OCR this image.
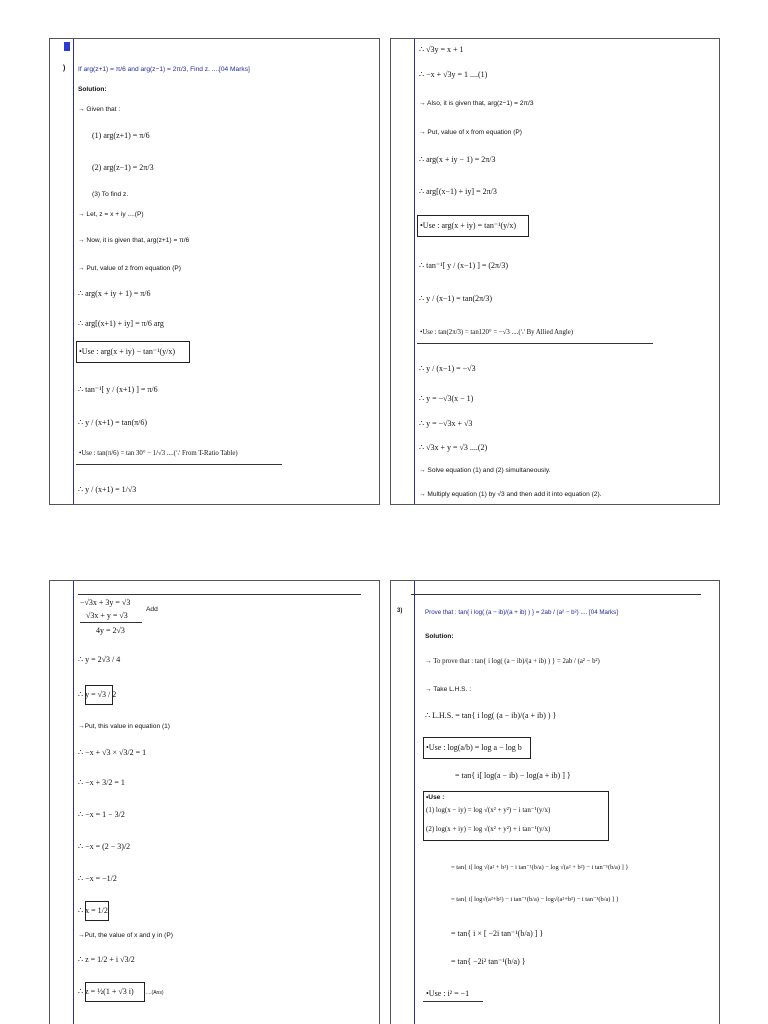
) If arg(z+1) = π/6 and arg(z−1) = 2π/3, Find z. ....[04 Marks]
Solution:
→ Given that :
(1) arg(z+1) = π/6
(2) arg(z−1) = 2π/3
(3) To find z.
→ Let, z = x + iy ....(P)
→ Now, it is given that, arg(z+1) = π/6
→ Put, value of z from equation (P)
∴ arg(x + iy + 1) = π/6
∴ arg[(x+1) + iy] = π/6 arg
•Use : arg(x + iy) − tan⁻¹(y/x)
∴ tan⁻¹[ y / (x+1) ] = π/6
∴ y / (x+1) = tan(π/6)
•Use : tan(π/6) = tan 30° − 1/√3 ....(∵ From T-Ratio Table)
∴ y / (x+1) = 1/√3
∴ √3y = x + 1
∴ −x + √3y = 1 ....(1)
→ Also, it is given that, arg(z−1) = 2π/3
→ Put, value of x from equation (P)
∴ arg(x + iy − 1) = 2π/3
∴ arg[(x−1) + iy] = 2π/3
•Use : arg(x + iy) = tan⁻¹(y/x)
∴ tan⁻¹[ y / (x−1) ] = (2π/3)
∴ y / (x−1) = tan(2π/3)
•Use : tan(2π/3) = tan120° = −√3 ....(∵ By Allied Angle)
∴ y / (x−1) = −√3
∴ y = −√3(x − 1)
∴ y = −√3x + √3
∴ √3x + y = √3 ....(2)
→ Solve equation (1) and (2) simultaneously.
→ Multiply equation (1) by √3 and then add it into equation (2).
−√3x + 3y = √3
√3x + y = √3
Add
4y = 2√3
∴ y = 2√3 / 4
∴ y = √3 / 2
→Put, this value in equation (1)
∴ −x + √3 × √3/2 = 1
∴ −x + 3/2 = 1
∴ −x = 1 − 3/2
∴ −x = (2 − 3)/2
∴ −x = −1/2
∴ x = 1/2
→Put, the value of x and y in (P)
∴ z = 1/2 + i √3/2
∴ z = ½(1 + √3 i) ....(Ans)
3)	Prove that : tan{ i log( (a − ib)/(a + ib) ) } = 2ab / (a² − b²) .... [04 Marks]
Solution:
→ To prove that : tan{ i log( (a − ib)/(a + ib) ) } = 2ab / (a² − b²)
→ Take L.H.S. :
∴ L.H.S. = tan{ i log( (a − ib)/(a + ib) ) }
•Use : log(a/b) = log a − log b
= tan{ i[ log(a − ib) − log(a + ib) ] }
•Use :
(1) log(x − iy) = log √(x² + y²) − i tan⁻¹(y/x)
(2) log(x + iy) = log √(x² + y²) + i tan⁻¹(y/x)
= tan{ i[ log √(a² + b²) − i tan⁻¹(b/a) − log √(a² + b²) − i tan⁻¹(b/a) ] }
= tan{ i[ log√(a²+b²) − i tan⁻¹(b/a) − log√(a²+b²) − i tan⁻¹(b/a) ] }
= tan{ i × [ −2i tan⁻¹(b/a) ] }
= tan{ −2i² tan⁻¹(b/a) }
•Use : i² = −1
